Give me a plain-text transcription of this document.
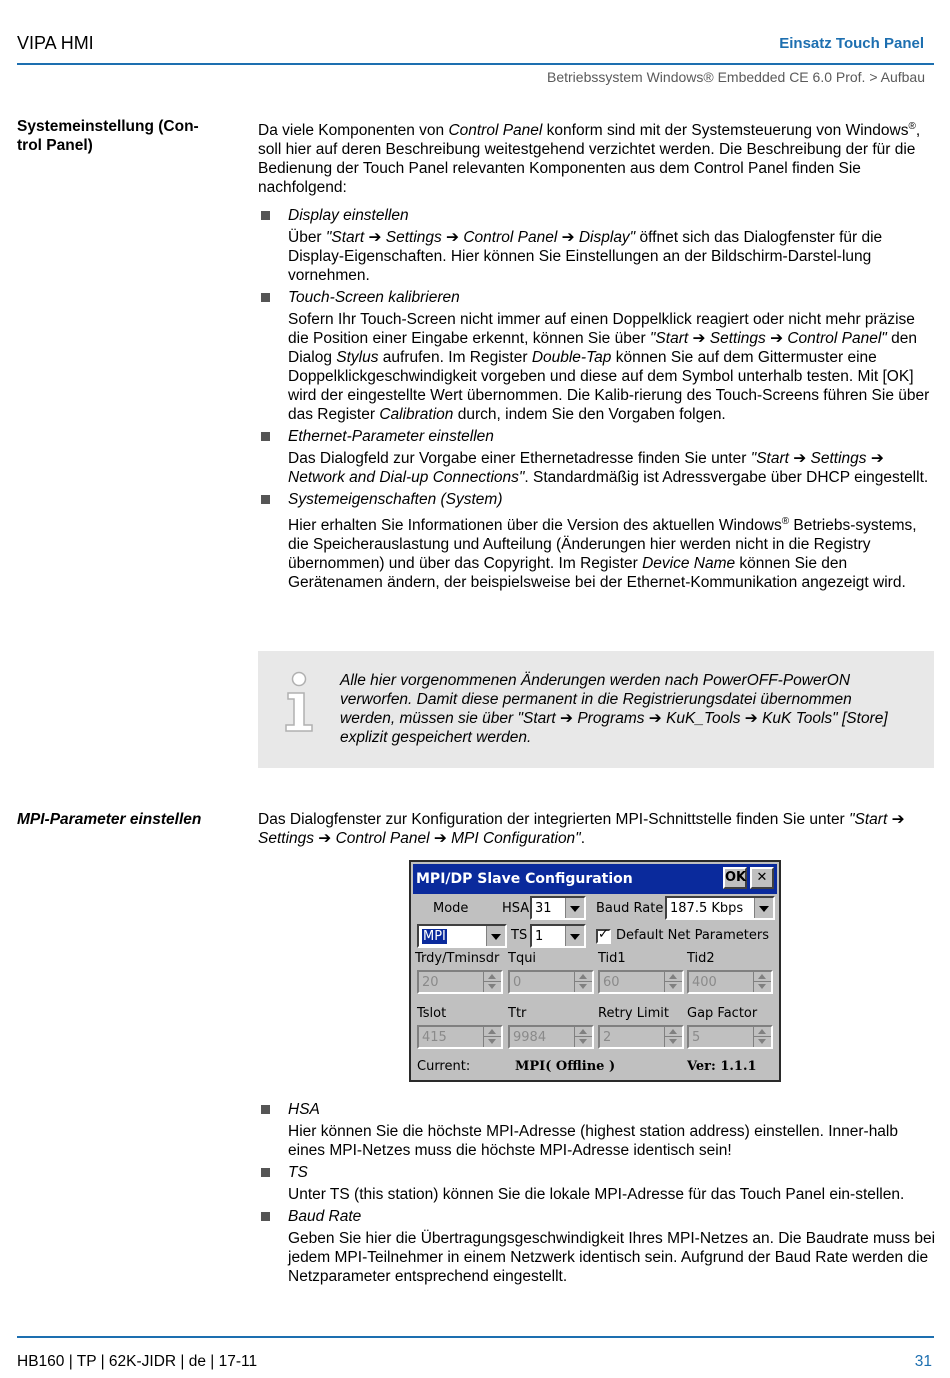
VIPA HMI	Einsatz Touch Panel
Betriebssystem Windows® Embedded CE 6.0 Prof. > Aufbau
Systemeinstellung (Con-
trol Panel)

Da viele Komponenten von Control Panel konform sind mit der Systemsteuerung von Windows®, soll hier auf deren Beschreibung weitestgehend verzichtet werden. Die Beschreibung der für die Bedienung der Touch Panel relevanten Komponenten aus dem Control Panel finden Sie nachfolgend:

Display einstellen
Über "Start ➔ Settings ➔ Control Panel ➔ Display" öffnet sich das Dialogfenster für die Display-Eigenschaften. Hier können Sie Einstellungen an der Bildschirm-Darstel-lung vornehmen.
Touch-Screen kalibrieren
Sofern Ihr Touch-Screen nicht immer auf einen Doppelklick reagiert oder nicht mehr präzise die Position einer Eingabe erkennt, können Sie über "Start ➔ Settings ➔ Control Panel" den Dialog Stylus aufrufen. Im Register Double-Tap können Sie auf dem Gittermuster eine Doppelklickgeschwindigkeit vorgeben und diese auf dem Symbol unterhalb testen. Mit [OK] wird der eingestellte Wert übernommen. Die Kalib-rierung des Touch-Screens führen Sie über das Register Calibration durch, indem Sie den Vorgaben folgen.
Ethernet-Parameter einstellen
Das Dialogfeld zur Vorgabe einer Ethernetadresse finden Sie unter "Start ➔ Settings ➔ Network and Dial-up Connections". Standardmäßig ist Adressvergabe über DHCP eingestellt.
Systemeigenschaften (System)
Hier erhalten Sie Informationen über die Version des aktuellen Windows® Betriebs-systems, die Speicherauslastung und Aufteilung (Änderungen hier werden nicht in die Registry übernommen) und über das Copyright. Im Register Device Name können Sie den Gerätenamen ändern, der beispielsweise bei der Ethernet-Kommunikation angezeigt wird.
Alle hier vorgenommenen Änderungen werden nach PowerOFF-PowerON verworfen. Damit diese permanent in die Registrierungsdatei übernommen werden, müssen sie über "Start ➔ Programs ➔ KuK_Tools ➔ KuK Tools" [Store] explizit gespeichert werden.
MPI-Parameter einstellen	Das Dialogfenster zur Konfiguration der integrierten MPI-Schnittstelle finden Sie unter "Start ➔ Settings ➔ Control Panel ➔ MPI Configuration".

MPI/DP Slave Configuration	OK ✕
Mode	HSA 31	Baud Rate 187.5 Kbps
MPI	TS 1
✓	Default Net Parameters
Trdy/Tminsdr Tqui	Tid1	Tid2
20	0	60	400
Tslot	Ttr	Retry Limit Gap Factor
415	9984	2	5
Current:	MPI( Offline )	Ver: 1.1.1
HSA
Hier können Sie die höchste MPI-Adresse (highest station address) einstellen. Inner-halb eines MPI-Netzes muss die höchste MPI-Adresse identisch sein!
TS
Unter TS (this station) können Sie die lokale MPI-Adresse für das Touch Panel ein-stellen.
Baud Rate
Geben Sie hier die Übertragungsgeschwindigkeit Ihres MPI-Netzes an. Die Baudrate muss bei jedem MPI-Teilnehmer in einem Netzwerk identisch sein. Aufgrund der Baud Rate werden die Netzparameter entsprechend eingestellt.
HB160 | TP | 62K-JIDR | de | 17-11	31
